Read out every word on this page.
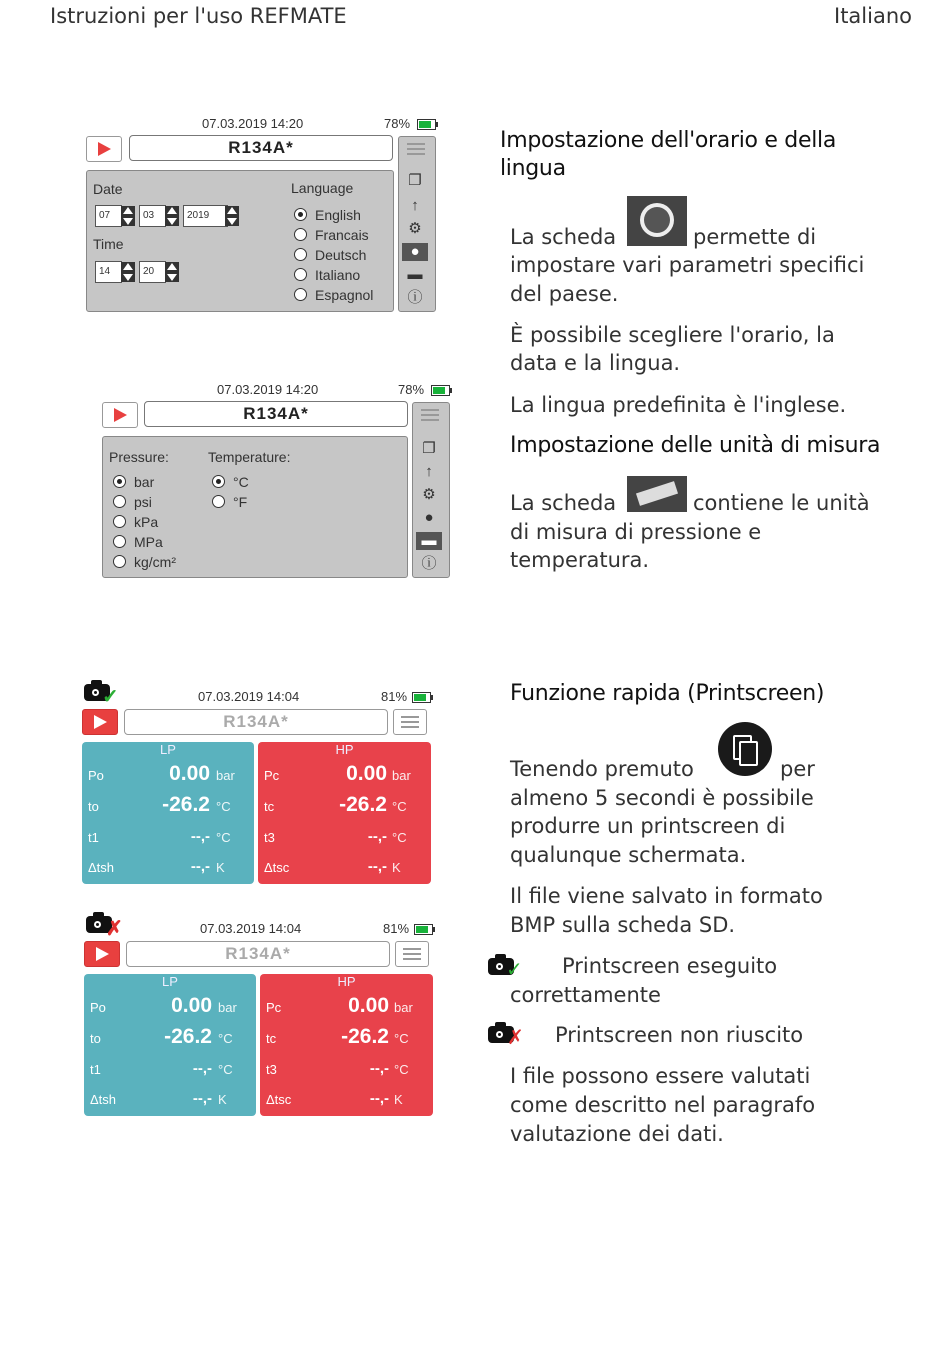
Istruzioni per l'uso REFMATE	Italiano
07.03.2019 14:20	78%
R134A*
❐
↑
⚙
●
▬
ⓘ
Date
07	03	2019
Time
14	20
Language
English
Francais
Deutsch
Italiano
Espagnol
07.03.2019 14:20	78%
R134A*
❐
↑
⚙
●
▬
ⓘ
Pressure:
bar
psi
kPa
MPa
kg/cm²
Temperature:
°C
°F
✓	07.03.2019 14:04	81%
R134A*
LP
Po	0.00 bar
to	-26.2 °C
t1	--,- °C
Δtsh	--,- K
HP
Pc	0.00 bar
tc	-26.2 °C
t3	--,- °C
Δtsc	--,- K
✗	07.03.2019 14:04	81%
R134A*
LP
Po	0.00 bar
to	-26.2 °C
t1	--,- °C
Δtsh	--,- K
HP
Pc	0.00 bar
tc	-26.2 °C
t3	--,- °C
Δtsc	--,- K
Impostazione dell'orario e della
lingua
La scheda	permette di
impostare vari parametri specifici
del paese.
È possibile scegliere l'orario, la
data e la lingua.
La lingua predefinita è l'inglese.
Impostazione delle unità di misura
La scheda	contiene le unità
di misura di pressione e
temperatura.
Funzione rapida (Printscreen)
Tenendo premuto	per
almeno 5 secondi è possibile
produrre un printscreen di
qualunque schermata.
Il file viene salvato in formato
BMP sulla scheda SD.
✓ Printscreen eseguito
correttamente
✗ Printscreen non riuscito
I file possono essere valutati
come descritto nel paragrafo
valutazione dei dati.
